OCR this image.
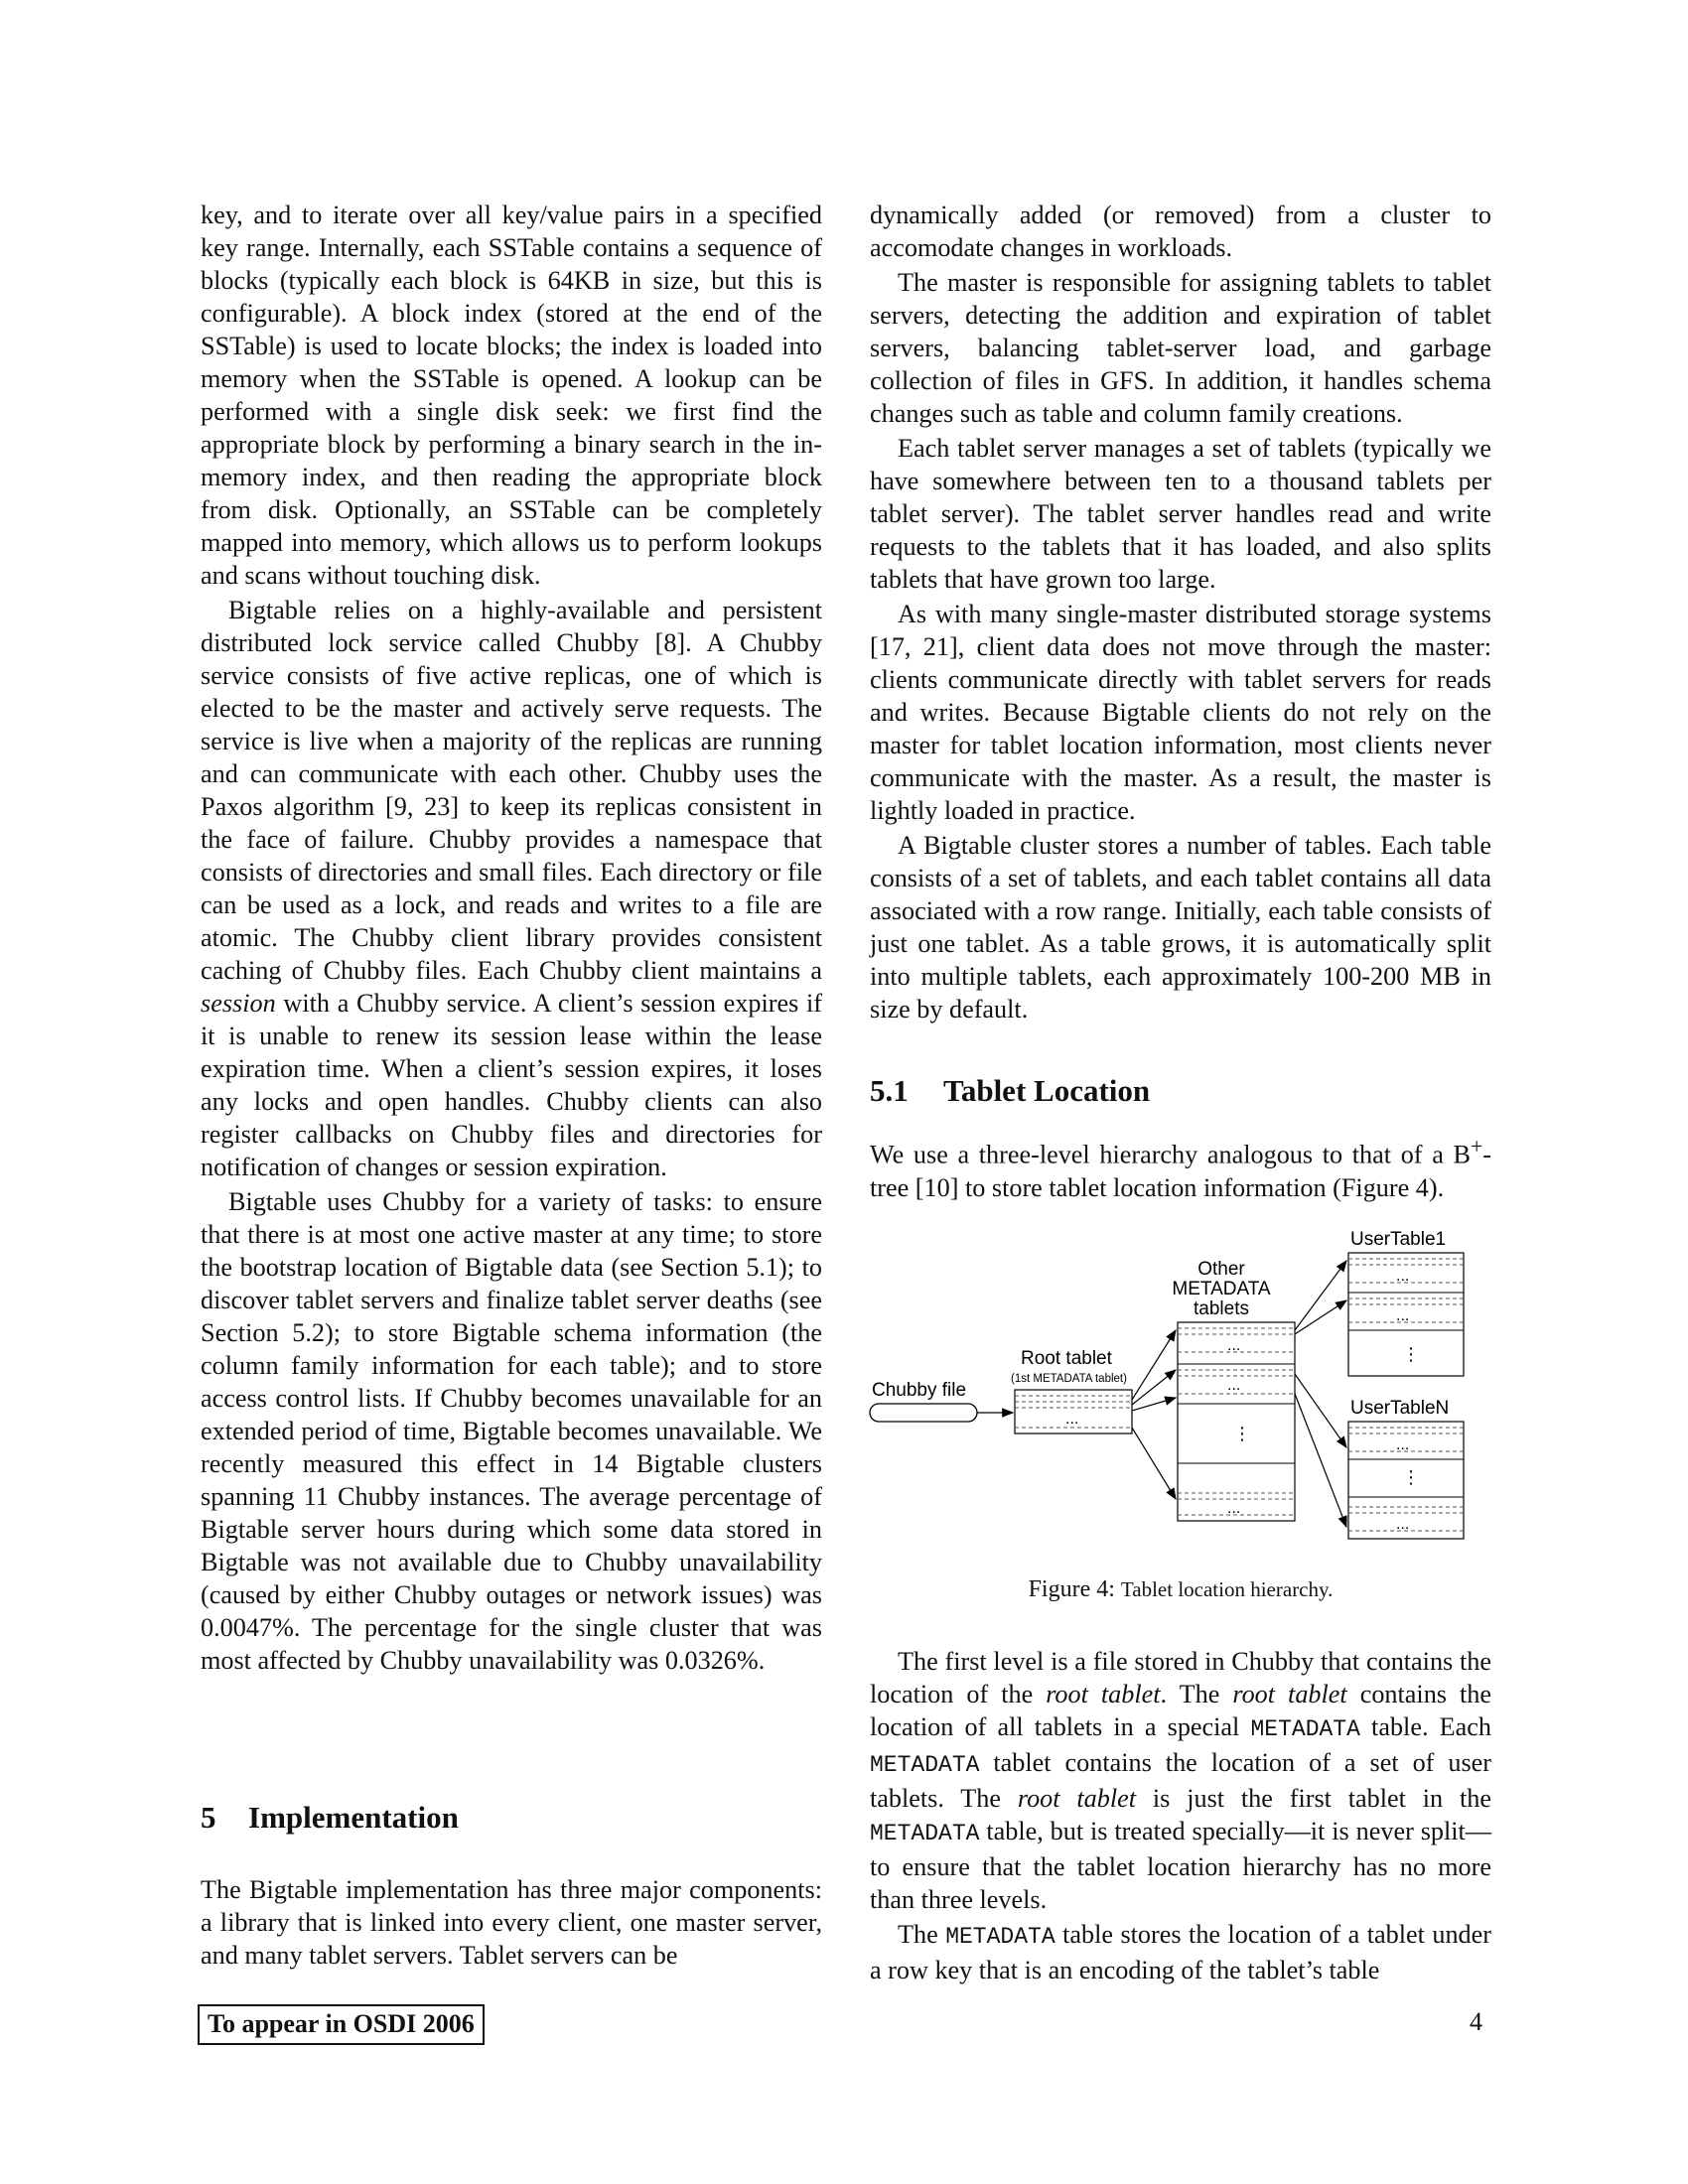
key, and to iterate over all key/value pairs in a specified key range. Internally, each SSTable contains a sequence of blocks (typically each block is 64KB in size, but this is configurable). A block index (stored at the end of the SSTable) is used to locate blocks; the index is loaded into memory when the SSTable is opened. A lookup can be performed with a single disk seek: we first find the appropriate block by performing a binary search in the in-memory index, and then reading the appropriate block from disk. Optionally, an SSTable can be completely mapped into memory, which allows us to perform lookups and scans without touching disk.

Bigtable relies on a highly-available and persistent distributed lock service called Chubby [8]. A Chubby service consists of five active replicas, one of which is elected to be the master and actively serve requests. The service is live when a majority of the replicas are running and can communicate with each other. Chubby uses the Paxos algorithm [9, 23] to keep its replicas consistent in the face of failure. Chubby provides a namespace that consists of directories and small files. Each directory or file can be used as a lock, and reads and writes to a file are atomic. The Chubby client library provides consistent caching of Chubby files. Each Chubby client maintains a session with a Chubby service. A client’s session expires if it is unable to renew its session lease within the lease expiration time. When a client’s session expires, it loses any locks and open handles. Chubby clients can also register callbacks on Chubby files and directories for notification of changes or session expiration.

Bigtable uses Chubby for a variety of tasks: to ensure that there is at most one active master at any time; to store the bootstrap location of Bigtable data (see Section 5.1); to discover tablet servers and finalize tablet server deaths (see Section 5.2); to store Bigtable schema information (the column family information for each table); and to store access control lists. If Chubby becomes unavailable for an extended period of time, Bigtable becomes unavailable. We recently measured this effect in 14 Bigtable clusters spanning 11 Chubby instances. The average percentage of Bigtable server hours during which some data stored in Bigtable was not available due to Chubby unavailability (caused by either Chubby outages or network issues) was 0.0047%. The percentage for the single cluster that was most affected by Chubby unavailability was 0.0326%.

5 Implementation

The Bigtable implementation has three major components: a library that is linked into every client, one master server, and many tablet servers. Tablet servers can be

dynamically added (or removed) from a cluster to accomodate changes in workloads.

The master is responsible for assigning tablets to tablet servers, detecting the addition and expiration of tablet servers, balancing tablet-server load, and garbage collection of files in GFS. In addition, it handles schema changes such as table and column family creations.

Each tablet server manages a set of tablets (typically we have somewhere between ten to a thousand tablets per tablet server). The tablet server handles read and write requests to the tablets that it has loaded, and also splits tablets that have grown too large.

As with many single-master distributed storage systems [17, 21], client data does not move through the master: clients communicate directly with tablet servers for reads and writes. Because Bigtable clients do not rely on the master for tablet location information, most clients never communicate with the master. As a result, the master is lightly loaded in practice.

A Bigtable cluster stores a number of tables. Each table consists of a set of tablets, and each tablet contains all data associated with a row range. Initially, each table consists of just one tablet. As a table grows, it is automatically split into multiple tablets, each approximately 100-200 MB in size by default.

5.1 Tablet Location

We use a three-level hierarchy analogous to that of a B+-tree [10] to store tablet location information (Figure 4).

Chubby file
Root tablet
(1st METADATA tablet)
...
Other
METADATA
tablets
...
...
⋮
...
UserTable1
...
...
⋮
UserTableN
...
⋮
...
Figure 4: Tablet location hierarchy.

The first level is a file stored in Chubby that contains the location of the root tablet. The root tablet contains the location of all tablets in a special METADATA table. Each METADATA tablet contains the location of a set of user tablets. The root tablet is just the first tablet in the METADATA table, but is treated specially—it is never split—to ensure that the tablet location hierarchy has no more than three levels.

The METADATA table stores the location of a tablet under a row key that is an encoding of the tablet’s table

To appear in OSDI 2006	4
